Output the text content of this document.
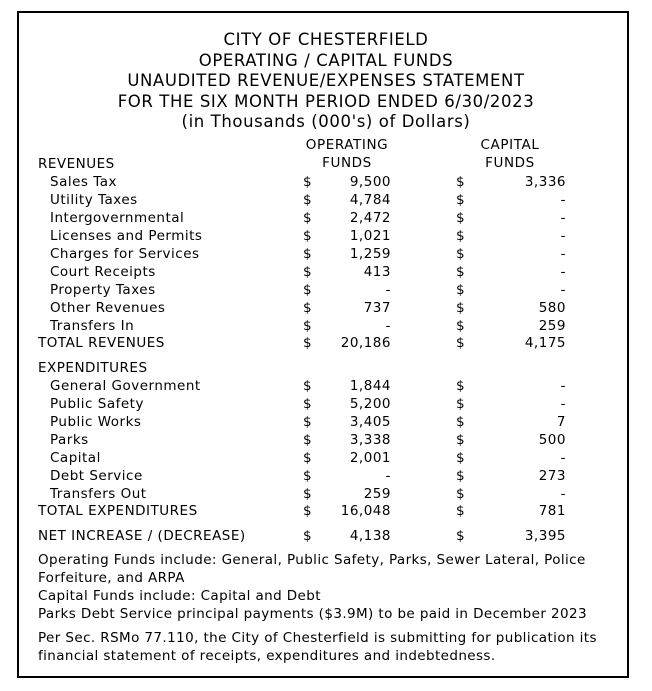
CITY OF CHESTERFIELD
OPERATING / CAPITAL FUNDS
UNAUDITED REVENUE/EXPENSES STATEMENT
FOR THE SIX MONTH PERIOD ENDED 6/30/2023
(in Thousands (000's) of Dollars)
OPERATING
FUNDS
CAPITAL
FUNDS
REVENUES
Sales Tax	$	9,500	$	3,336
Utility Taxes	$	4,784	$	-
Intergovernmental	$	2,472	$	-
Licenses and Permits	$	1,021	$	-
Charges for Services	$	1,259	$	-
Court Receipts	$	413	$	-
Property Taxes	$	-	$	-
Other Revenues	$	737	$	580
Transfers In	$	-	$	259
TOTAL REVENUES	$ 20,186	$	4,175
EXPENDITURES
General Government	$	1,844	$	-
Public Safety	$	5,200	$	-
Public Works	$	3,405	$	7
Parks	$	3,338	$	500
Capital	$	2,001	$	-
Debt Service	$	-	$	273
Transfers Out	$	259	$	-
TOTAL EXPENDITURES	$ 16,048	$	781
NET INCREASE / (DECREASE)	$	4,138	$	3,395
Operating Funds include: General, Public Safety, Parks, Sewer Lateral, Police
Forfeiture, and ARPA
Capital Funds include: Capital and Debt
Parks Debt Service principal payments ($3.9M) to be paid in December 2023
Per Sec. RSMo 77.110, the City of Chesterfield is submitting for publication its
financial statement of receipts, expenditures and indebtedness.
